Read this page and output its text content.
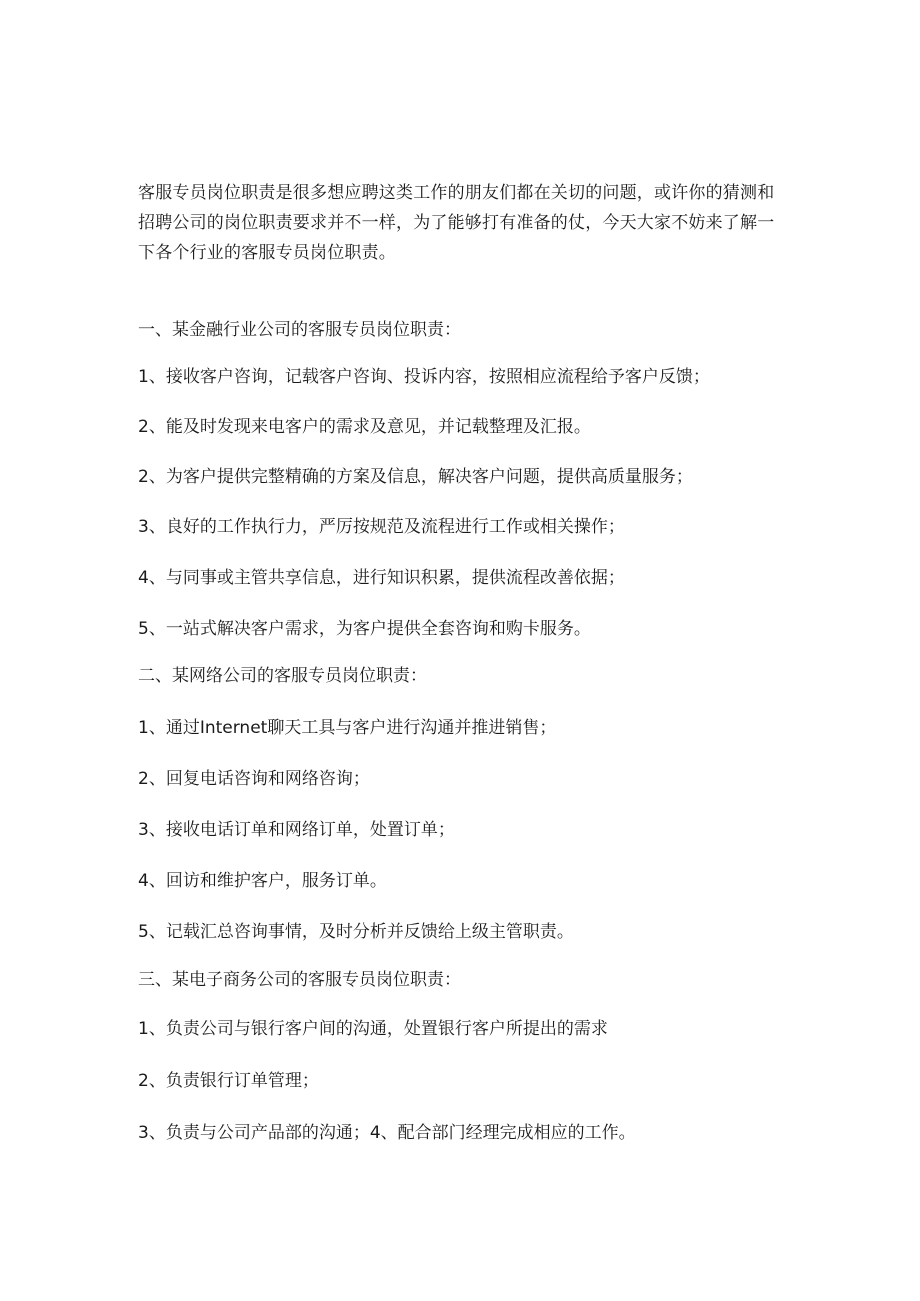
客服专员岗位职责是很多想应聘这类工作的朋友们都在关切的问题，或许你的猜测和招聘公司的岗位职责要求并不一样，为了能够打有准备的仗，今天大家不妨来了解一下各个行业的客服专员岗位职责。

一、某金融行业公司的客服专员岗位职责：

1、接收客户咨询，记载客户咨询、投诉内容，按照相应流程给予客户反馈；

2、能及时发现来电客户的需求及意见，并记载整理及汇报。

2、为客户提供完整精确的方案及信息，解决客户问题，提供高质量服务；

3、良好的工作执行力，严厉按规范及流程进行工作或相关操作；

4、与同事或主管共享信息，进行知识积累，提供流程改善依据；

5、一站式解决客户需求，为客户提供全套咨询和购卡服务。

二、某网络公司的客服专员岗位职责：

1、通过Internet聊天工具与客户进行沟通并推进销售；

2、回复电话咨询和网络咨询；

3、接收电话订单和网络订单，处置订单；

4、回访和维护客户，服务订单。

5、记载汇总咨询事情，及时分析并反馈给上级主管职责。

三、某电子商务公司的客服专员岗位职责：

1、负责公司与银行客户间的沟通，处置银行客户所提出的需求

2、负责银行订单管理；

3、负责与公司产品部的沟通；4、配合部门经理完成相应的工作。
